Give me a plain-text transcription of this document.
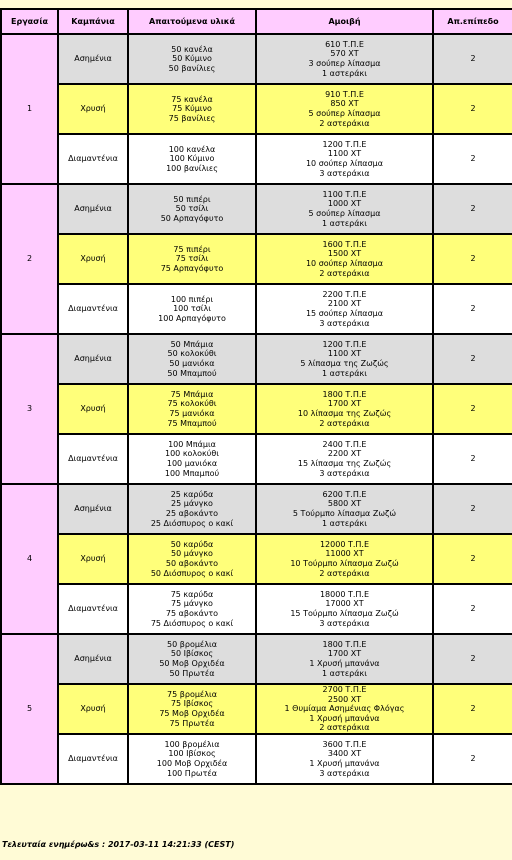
Εργασία	Καμπάνια	Απαιτούμενα υλικά	Αμοιβή	Απ.επίπεδο
1	Ασημένια	50 κανέλα
50 Κύμινο
50 βανίλιες	610 Τ.Π.Ε
570 ΧΤ
3 σούπερ λίπασμα
1 αστεράκι	2
	Χρυσή	75 κανέλα
75 Κύμινο
75 βανίλιες	910 Τ.Π.Ε
850 ΧΤ
5 σούπερ λίπασμα
2 αστεράκια	2
	Διαμαντένια	100 κανέλα
100 Κύμινο
100 βανίλιες	1200 Τ.Π.Ε
1100 ΧΤ
10 σούπερ λίπασμα
3 αστεράκια	2
2	Ασημένια	50 πιπέρι
50 τσίλι
50 Αρπαγόφυτο	1100 Τ.Π.Ε
1000 ΧΤ
5 σούπερ λίπασμα
1 αστεράκι	2
	Χρυσή	75 πιπέρι
75 τσίλι
75 Αρπαγόφυτο	1600 Τ.Π.Ε
1500 ΧΤ
10 σούπερ λίπασμα
2 αστεράκια	2
	Διαμαντένια	100 πιπέρι
100 τσίλι
100 Αρπαγόφυτο	2200 Τ.Π.Ε
2100 ΧΤ
15 σούπερ λίπασμα
3 αστεράκια	2
3	Ασημένια	50 Μπάμια
50 κολοκύθι
50 μανιόκα
50 Μπαμπού	1200 Τ.Π.Ε
1100 ΧΤ
5 λίπασμα της Ζωζώς
1 αστεράκι	2
	Χρυσή	75 Μπάμια
75 κολοκύθι
75 μανιόκα
75 Μπαμπού	1800 Τ.Π.Ε
1700 ΧΤ
10 λίπασμα της Ζωζώς
2 αστεράκια	2
	Διαμαντένια	100 Μπάμια
100 κολοκύθι
100 μανιόκα
100 Μπαμπού	2400 Τ.Π.Ε
2200 ΧΤ
15 λίπασμα της Ζωζώς
3 αστεράκια	2
4	Ασημένια	25 καρύδα
25 μάνγκο
25 αβοκάντο
25 Διόσπυρος ο κακί	6200 Τ.Π.Ε
5800 ΧΤ
5 Τούρμπο λίπασμα Ζωζώ
1 αστεράκι	2
	Χρυσή	50 καρύδα
50 μάνγκο
50 αβοκάντο
50 Διόσπυρος ο κακί	12000 Τ.Π.Ε
11000 ΧΤ
10 Τούρμπο λίπασμα Ζωζώ
2 αστεράκια	2
	Διαμαντένια	75 καρύδα
75 μάνγκο
75 αβοκάντο
75 Διόσπυρος ο κακί	18000 Τ.Π.Ε
17000 ΧΤ
15 Τούρμπο λίπασμα Ζωζώ
3 αστεράκια	2
5	Ασημένια	50 βρομέλια
50 Ιβίσκος
50 Μοβ Ορχιδέα
50 Πρωτέα	1800 Τ.Π.Ε
1700 ΧΤ
1 Χρυσή μπανάνα
1 αστεράκι	2
	Χρυσή	75 βρομέλια
75 Ιβίσκος
75 Μοβ Ορχιδέα
75 Πρωτέα	2700 Τ.Π.Ε
2500 ΧΤ
1 Θυμίαμα Ασημένιας Φλόγας
1 Χρυσή μπανάνα
2 αστεράκια	2
	Διαμαντένια	100 βρομέλια
100 Ιβίσκος
100 Μοβ Ορχιδέα
100 Πρωτέα	3600 Τ.Π.Ε
3400 ΧΤ
1 Χρυσή μπανάνα
3 αστεράκια	2
Τελευταία ενημέρω&s : 2017-03-11 14:21:33 (CEST)
